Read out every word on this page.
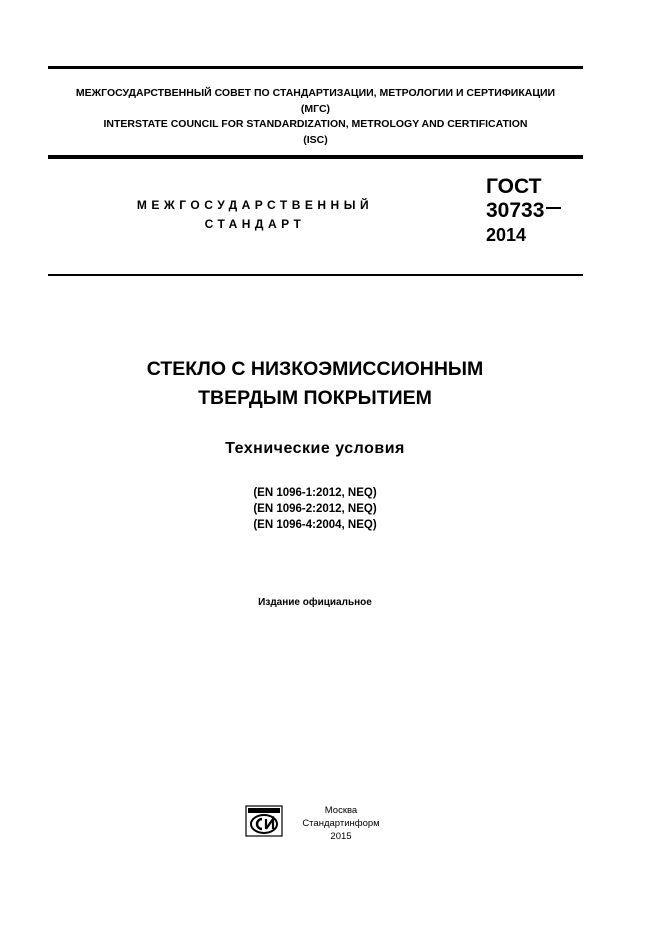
МЕЖГОСУДАРСТВЕННЫЙ СОВЕТ ПО СТАНДАРТИЗАЦИИ, МЕТРОЛОГИИ И СЕРТИФИКАЦИИ
(МГС)
INTERSTATE COUNCIL FOR STANDARDIZATION, METROLOGY AND CERTIFICATION
(ISC)
МЕЖГОСУДАРСТВЕННЫЙ
СТАНДАРТ
ГОСТ
30733
2014
СТЕКЛО С НИЗКОЭМИССИОННЫМ
ТВЕРДЫМ ПОКРЫТИЕМ
Технические условия
(EN 1096-1:2012, NEQ)
(EN 1096-2:2012, NEQ)
(EN 1096-4:2004, NEQ)
Издание официальное
Москва
Стандартинформ
2015
